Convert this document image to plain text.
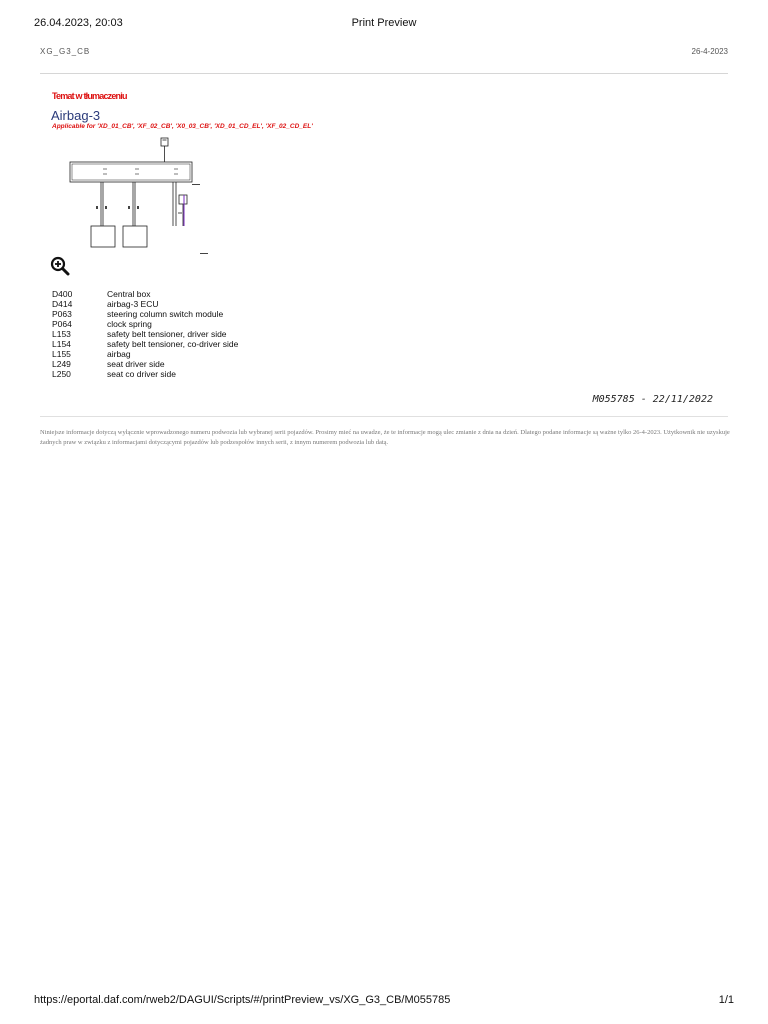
26.04.2023, 20:03	Print Preview
XG_G3_CB	26-4-2023
Temat w tłumaczeniu
Airbag-3
Applicable for 'XD_01_CB', 'XF_02_CB', 'X0_03_CB', 'XD_01_CD_EL', 'XF_02_CD_EL'
D400	Central box
D414	airbag-3 ECU
P063	steering column switch module
P064	clock spring
L153	safety belt tensioner, driver side
L154	safety belt tensioner, co-driver side
L155	airbag
L249	seat driver side
L250	seat co driver side
M055785 - 22/11/2022
Niniejsze informacje dotyczą wyłącznie wprowadzonego numeru podwozia lub wybranej serii pojazdów. Prosimy mieć na uwadze, że te informacje mogą ulec zmianie z dnia na dzień. Dlatego podane informacje są ważne tylko 26-4-2023. Użytkownik nie uzyskuje żadnych praw w związku z informacjami dotyczącymi pojazdów lub podzespołów innych serii, z innym numerem podwozia lub datą.
https://eportal.daf.com/rweb2/DAGUI/Scripts/#/printPreview_vs/XG_G3_CB/M055785	1/1
